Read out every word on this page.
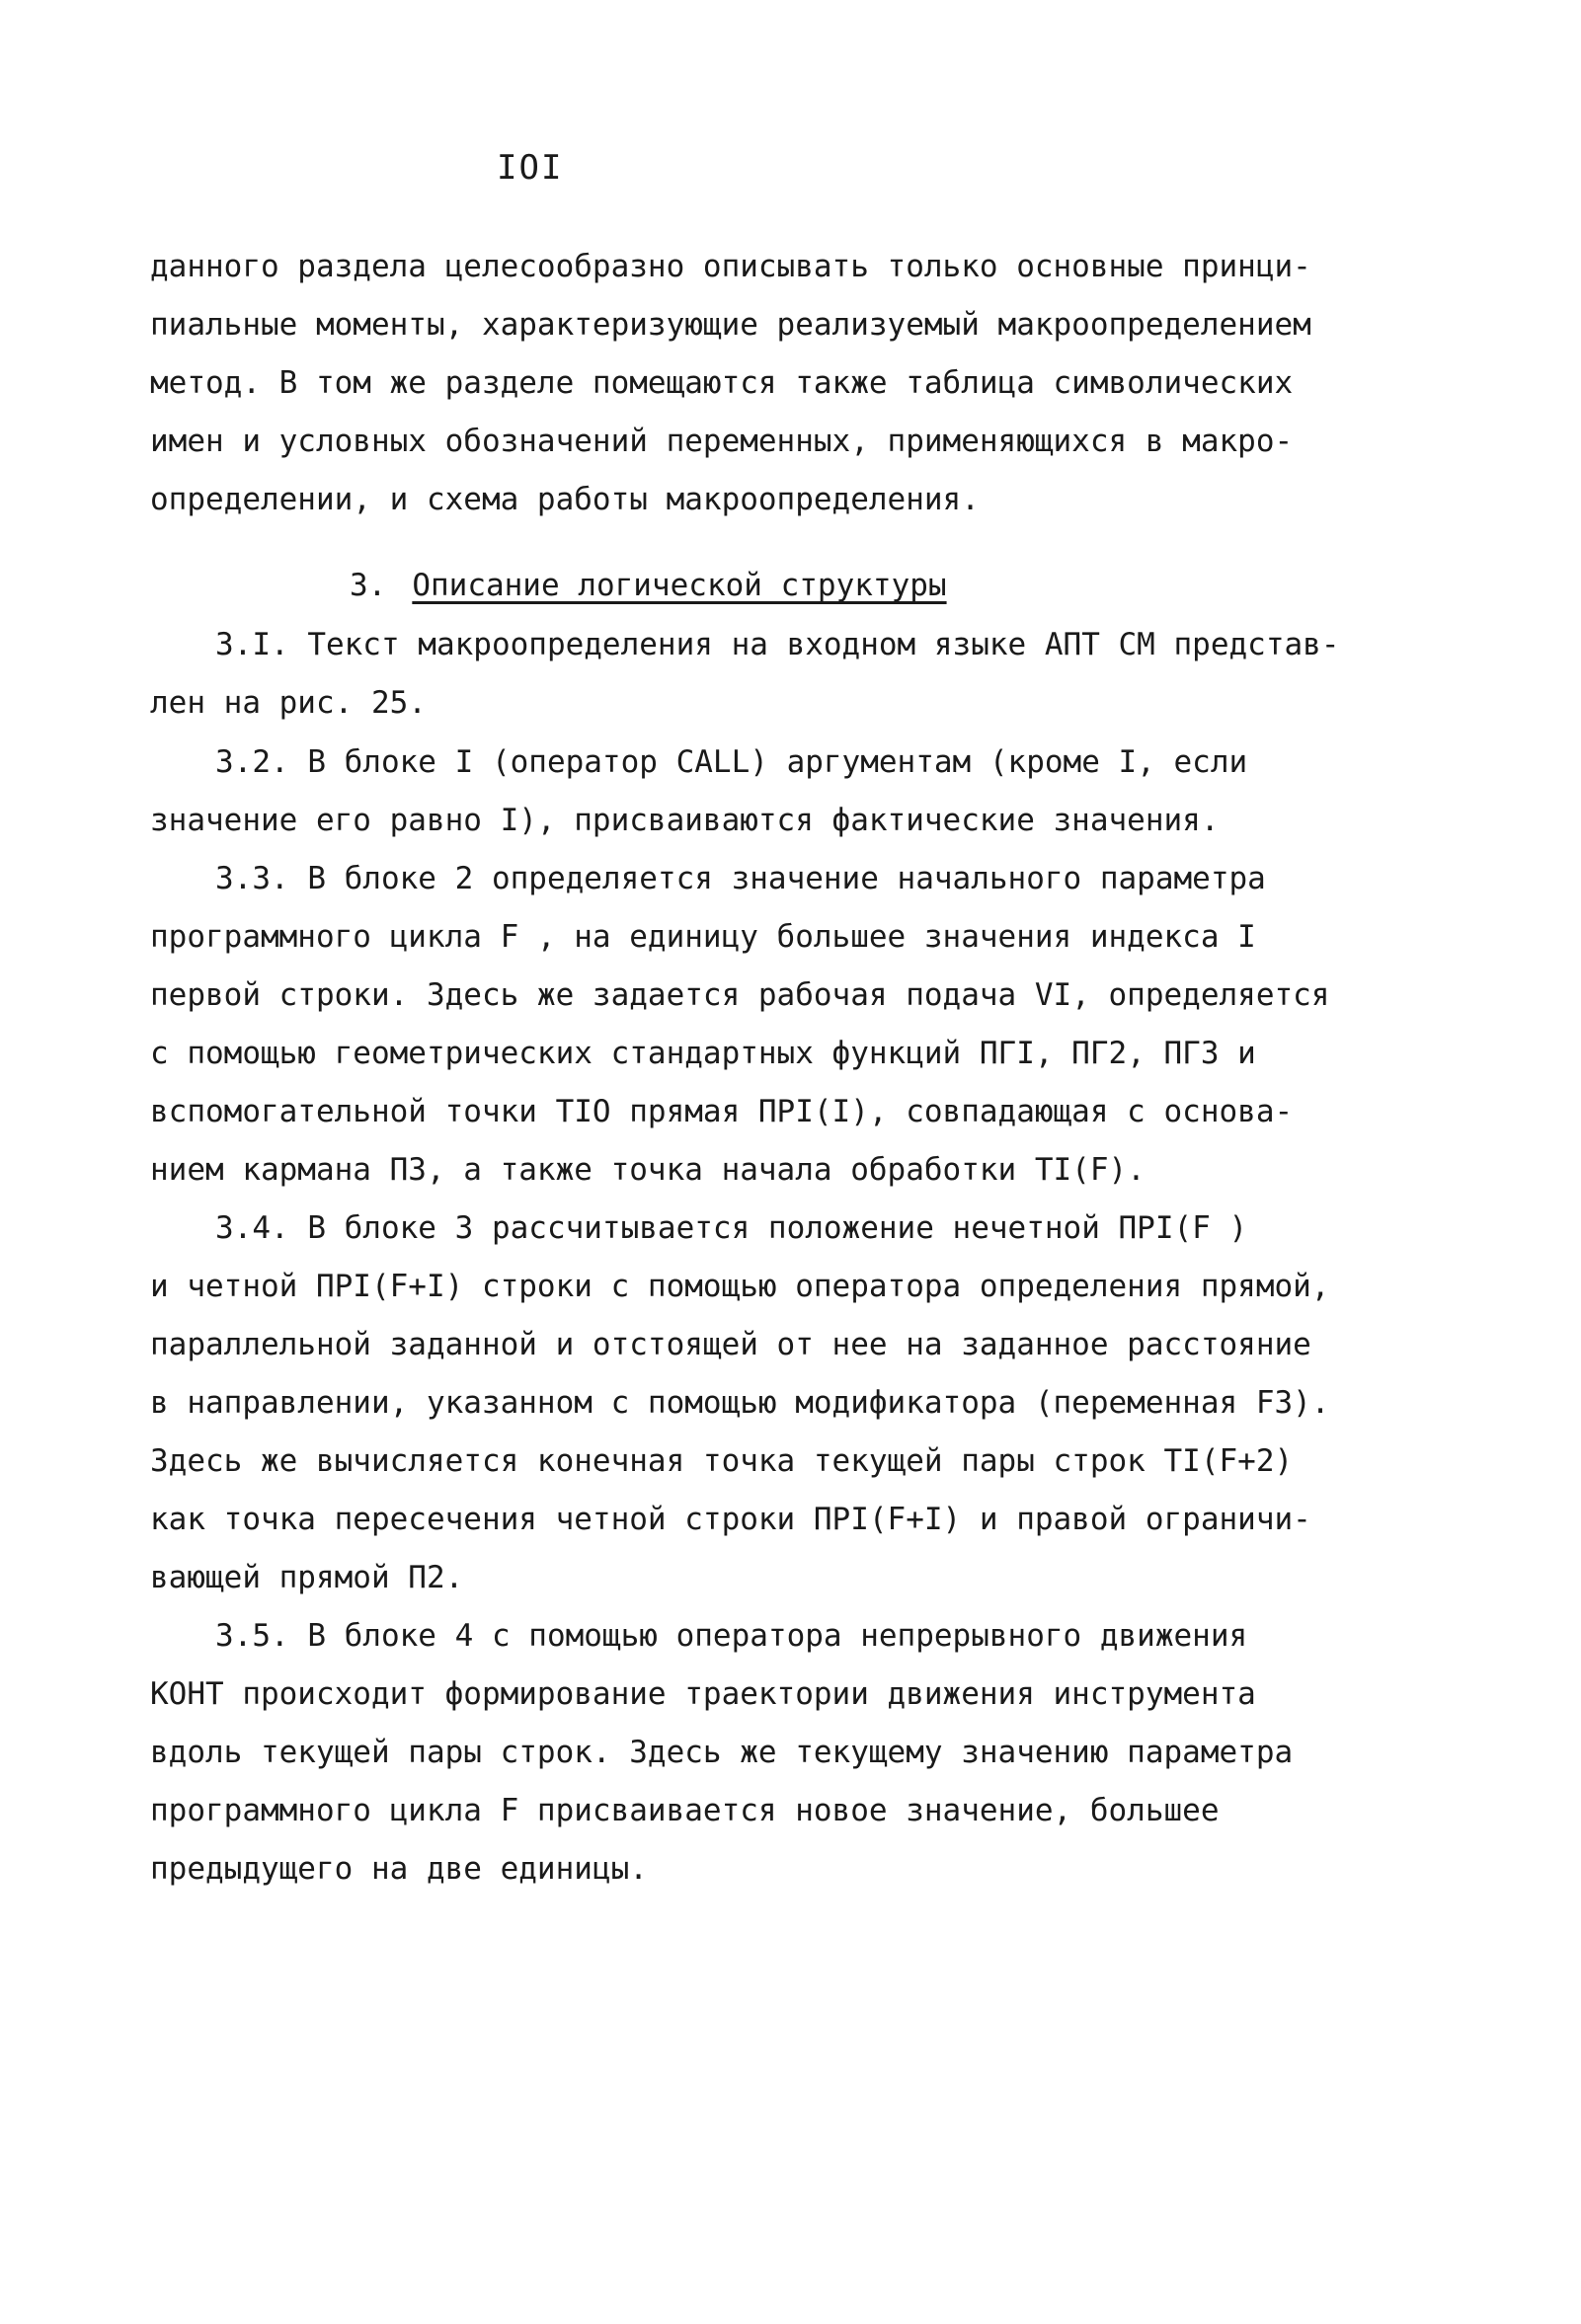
IOI
данного раздела целесообразно описывать только основные принци-
пиальные моменты, характеризующие реализуемый макроопределением
метод. В том же разделе помещаются также таблица символических
имен и условных обозначений переменных, применяющихся в макро-
определении, и схема работы макроопределения.
3. Описание логической структуры
3.I. Текст макроопределения на входном языке АПТ СМ представ-
лен на рис. 25.
3.2. В блоке I (оператор CALL) аргументам (кроме I, если
значение его равно I), присваиваются фактические значения.
3.3. В блоке 2 определяется значение начального параметра
программного цикла F , на единицу большее значения индекса I
первой строки. Здесь же задается рабочая подача VI, определяется
с помощью геометрических стандартных функций ПГI, ПГ2, ПГ3 и
вспомогательной точки TIO прямая ПPI(I), совпадающая с основа-
нием кармана П3, а также точка начала обработки TI(F).
3.4. В блоке 3 рассчитывается положение нечетной ПPI(F )
и четной ПPI(F+I) строки с помощью оператора определения прямой,
параллельной заданной и отстоящей от нее на заданное расстояние
в направлении, указанном с помощью модификатора (переменная F3).
Здесь же вычисляется конечная точка текущей пары строк TI(F+2)
как точка пересечения четной строки ПPI(F+I) и правой ограничи-
вающей прямой П2.
3.5. В блоке 4 с помощью оператора непрерывного движения
КОНТ происходит формирование траектории движения инструмента
вдоль текущей пары строк. Здесь же текущему значению параметра
программного цикла F присваивается новое значение, большее
предыдущего на две единицы.
